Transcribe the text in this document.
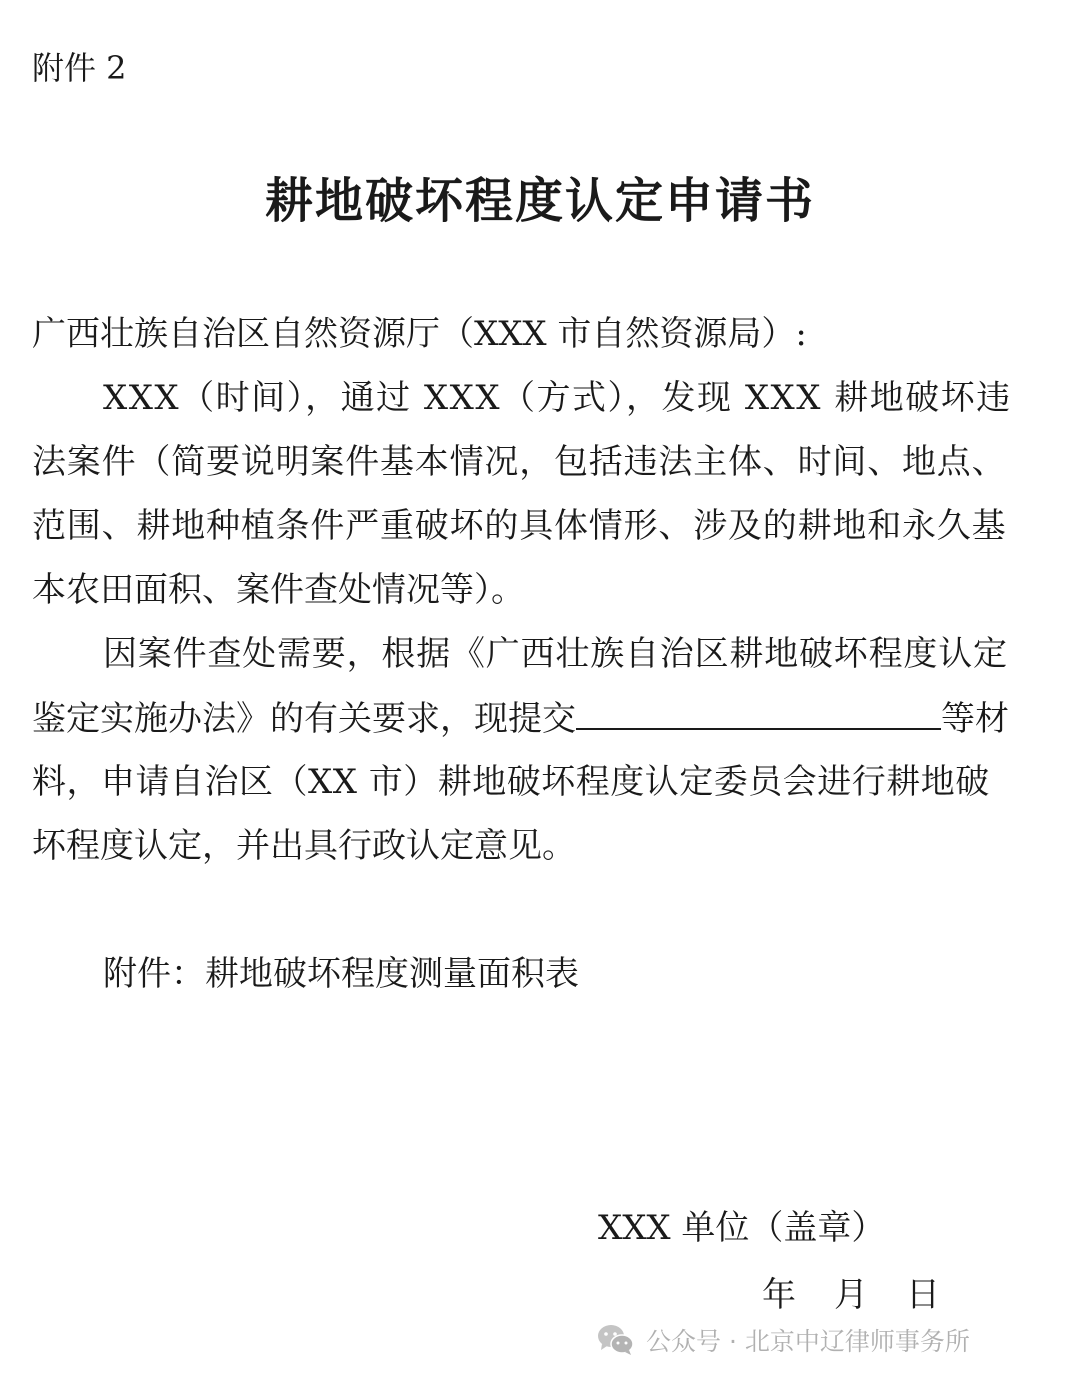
附件 2
耕地破坏程度认定申请书
广西壮族自治区自然资源厅（XXX 市自然资源局）:
XXX（时间），通过 XXX（方式），发现 XXX 耕地破坏违
法案件（简要说明案件基本情况，包括违法主体、时间、地点、
范围、耕地种植条件严重破坏的具体情形、涉及的耕地和永久基
本农田面积、案件查处情况等）。
因案件查处需要，根据《广西壮族自治区耕地破坏程度认定
鉴定实施办法》的有关要求，现提交	等材
料，申请自治区（XX 市）耕地破坏程度认定委员会进行耕地破
坏程度认定，并出具行政认定意见。
附件：耕地破坏程度测量面积表
XXX 单位（盖章）
年 月 日
公众号 · 北京中辽律师事务所
